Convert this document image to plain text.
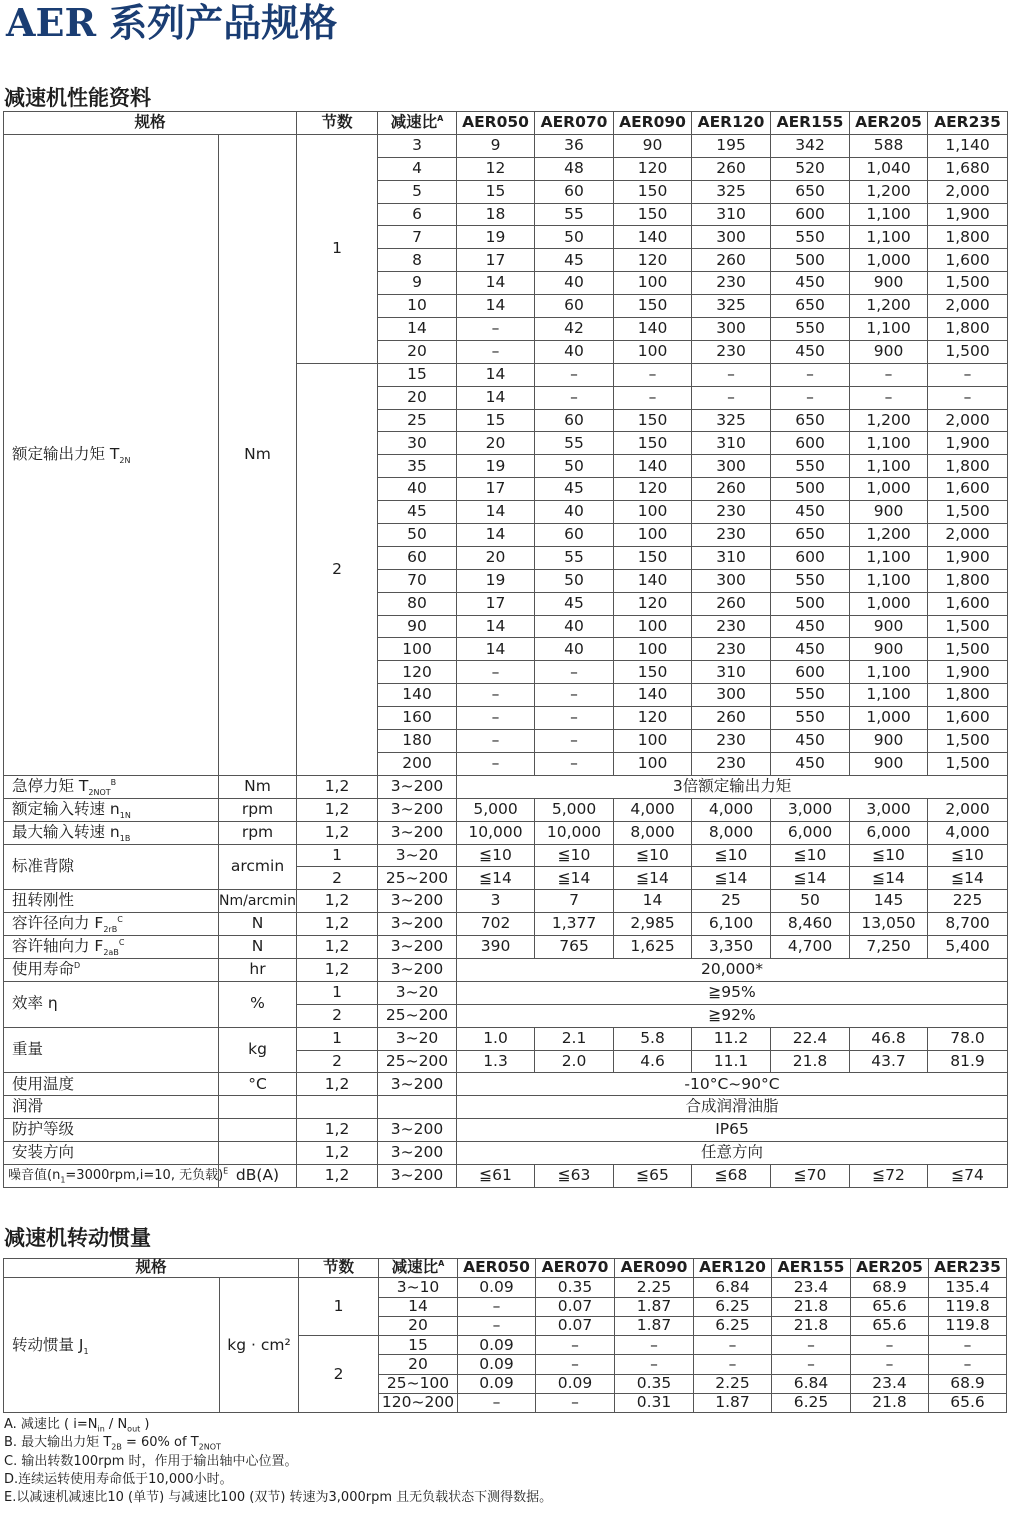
AER 系列产品规格
减速机性能资料
规格		节数	减速比$^A$	AER050	AER070	AER090	AER120	AER155	AER205	AER235
额定输出力矩 $T_{2N}$	Nm	1	3	9	36	90	195	342	588	1,140
			4	12	48	120	260	520	1,040	1,680
			5	15	60	150	325	650	1,200	2,000
			6	18	55	150	310	600	1,100	1,900
			7	19	50	140	300	550	1,100	1,800
			8	17	45	120	260	500	1,000	1,600
			9	14	40	100	230	450	900	1,500
			10	14	60	150	325	650	1,200	2,000
			14	–	42	140	300	550	1,100	1,800
			20	–	40	100	230	450	900	1,500
		2	15	14	–	–	–	–	–	–
			20	14	–	–	–	–	–	–
			25	15	60	150	325	650	1,200	2,000
			30	20	55	150	310	600	1,100	1,900
			35	19	50	140	300	550	1,100	1,800
			40	17	45	120	260	500	1,000	1,600
			45	14	40	100	230	450	900	1,500
			50	14	60	100	230	650	1,200	2,000
			60	20	55	150	310	600	1,100	1,900
			70	19	50	140	300	550	1,100	1,800
			80	17	45	120	260	500	1,000	1,600
			90	14	40	100	230	450	900	1,500
			100	14	40	100	230	450	900	1,500
			120	–	–	150	310	600	1,100	1,900
			140	–	–	140	300	550	1,100	1,800
			160	–	–	120	260	550	1,000	1,600
			180	–	–	100	230	450	900	1,500
			200	–	–	100	230	450	900	1,500
急停力矩 $T_{2NOT}^B$	Nm	1,2	3~200	3倍额定输出力矩						
额定输入转速 $n_{1N}$	rpm	1,2	3~200	5,000	5,000	4,000	4,000	3,000	3,000	2,000
最大输入转速 $n_{1B}$	rpm	1,2	3~200	10,000	10,000	8,000	8,000	6,000	6,000	4,000
标准背隙	arcmin	1	3~20	≦10	≦10	≦10	≦10	≦10	≦10	≦10
		2	25~200	≦14	≦14	≦14	≦14	≦14	≦14	≦14
扭转刚性	Nm/arcmin	1,2	3~200	3	7	14	25	50	145	225
容许径向力 $F_{2rB}^C$	N	1,2	3~200	702	1,377	2,985	6,100	8,460	13,050	8,700
容许轴向力 $F_{2aB}^C$	N	1,2	3~200	390	765	1,625	3,350	4,700	7,250	5,400
使用寿命$^D$	hr	1,2	3~200	20,000*						
效率 η	%	1	3~20	≧95%						
		2	25~200	≧92%						
重量	kg	1	3~20	1.0	2.1	5.8	11.2	22.4	46.8	78.0
		2	25~200	1.3	2.0	4.6	11.1	21.8	43.7	81.9
使用温度	°C	1,2	3~200	-10°C~90°C						
润滑				合成润滑油脂						
防护等级		1,2	3~200	IP65						
安装方向		1,2	3~200	任意方向						
噪音值($n_1=3000rpm,i=10$, 无负载)$^E$	dB(A)	1,2	3~200	≦61	≦63	≦65	≦68	≦70	≦72	≦74
减速机转动惯量
规格		节数	减速比$^A$	AER050	AER070	AER090	AER120	AER155	AER205	AER235
转动惯量 $J_1$	kg · cm²	1	3~10	0.09	0.35	2.25	6.84	23.4	68.9	135.4
			14	–	0.07	1.87	6.25	21.8	65.6	119.8
			20	–	0.07	1.87	6.25	21.8	65.6	119.8
		2	15	0.09	–	–	–	–	–	–
			20	0.09	–	–	–	–	–	–
			25~100	0.09	0.09	0.35	2.25	6.84	23.4	68.9
			120~200	–	–	0.31	1.87	6.25	21.8	65.6
A. 减速比 ( $i=N_{in} / N_{out}$ )
B. 最大输出力矩 $T_{2B} = 60\%$ of $T_{2NOT}$
C. 输出转数100rpm 时，作用于输出轴中心位置。
D.连续运转使用寿命低于10,000小时。
E.以减速机减速比10 (单节) 与减速比100 (双节) 转速为3,000rpm 且无负载状态下测得数据。
